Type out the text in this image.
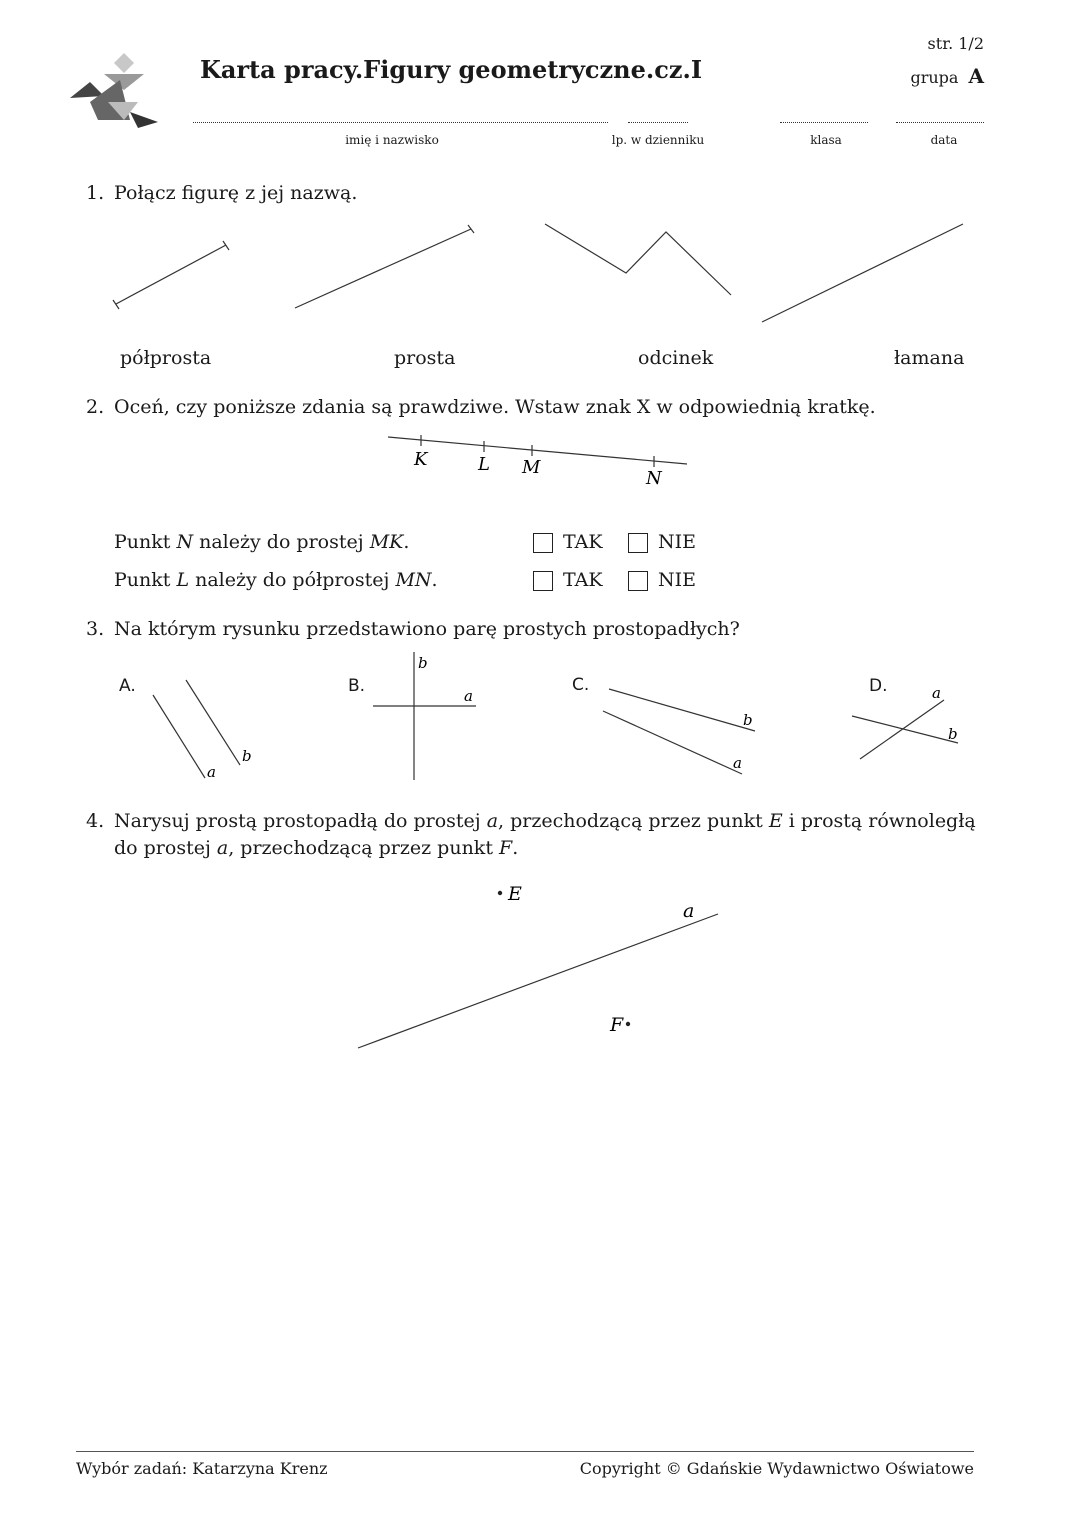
Karta pracy.Figury geometryczne.cz.I
str. 1/2
grupa A
imię i nazwisko	lp. w dzienniku	klasa	data
1. Połącz figurę z jej nazwą.
półprosta	prosta	odcinek	łamana
2. Oceń, czy poniższe zdania są prawdziwe. Wstaw znak X w odpowiednią kratkę.
K	L M
N
Punkt N należy do prostej MK.	TAK	NIE
Punkt L należy do półprostej MN.	TAK	NIE
3. Na którym rysunku przedstawiono parę prostych prostopadłych?
A.	B.	C.	D.
a
b
b
a
b
a
a
b
4. Narysuj prostą prostopadłą do prostej a, przechodzącą przez punkt E i prostą równoległą
do prostej a, przechodzącą przez punkt F.
E
a
F
Wybór zadań: Katarzyna Krenz	Copyright © Gdańskie Wydawnictwo Oświatowe
